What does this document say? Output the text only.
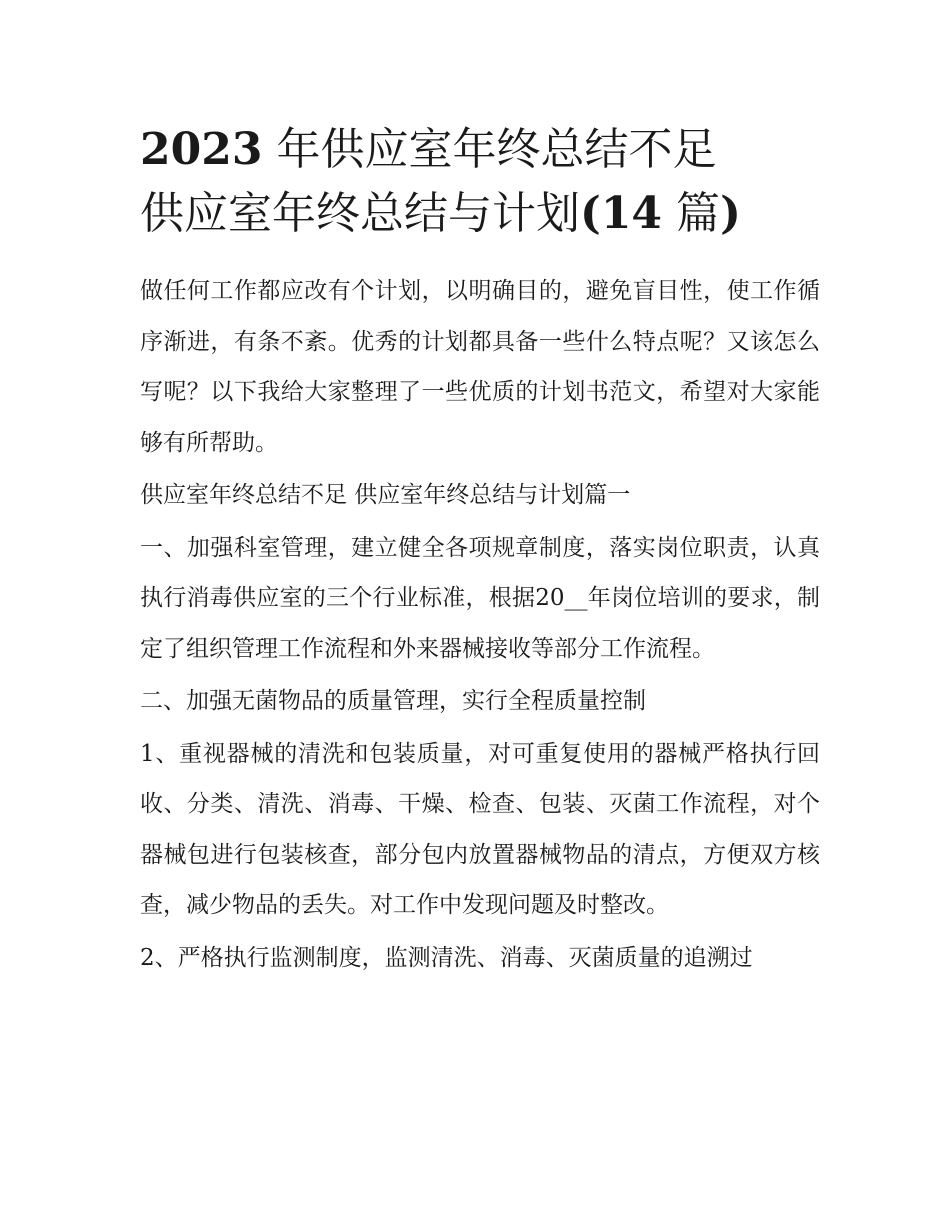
2023 年供应室年终总结不足
供应室年终总结与计划(14 篇)

做任何工作都应改有个计划，以明确目的，避免盲目性，使工作循序渐进，有条不紊。优秀的计划都具备一些什么特点呢？又该怎么写呢？以下我给大家整理了一些优质的计划书范文，希望对大家能够有所帮助。

供应室年终总结不足 供应室年终总结与计划篇一

一、加强科室管理，建立健全各项规章制度，落实岗位职责，认真执行消毒供应室的三个行业标准，根据20__年岗位培训的要求，制定了组织管理工作流程和外来器械接收等部分工作流程。

二、加强无菌物品的质量管理，实行全程质量控制

1、重视器械的清洗和包装质量，对可重复使用的器械严格执行回收、分类、清洗、消毒、干燥、检查、包装、灭菌工作流程，对个器械包进行包装核查，部分包内放置器械物品的清点，方便双方核查，减少物品的丢失。对工作中发现问题及时整改。

2、严格执行监测制度，监测清洗、消毒、灭菌质量的追溯过
